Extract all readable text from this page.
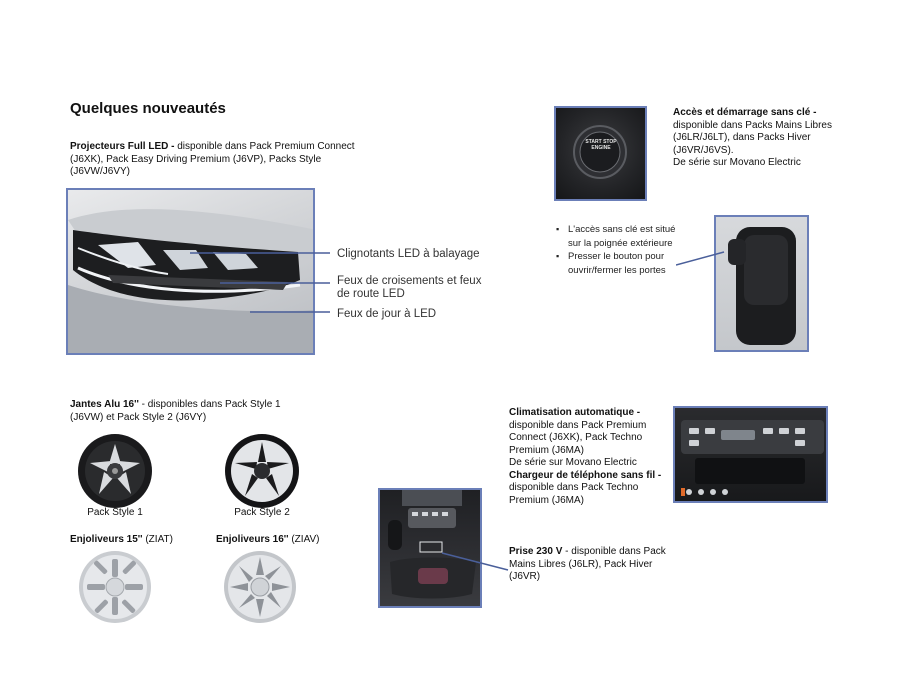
Quelques nouveautés
Projecteurs Full LED - disponible dans Pack Premium Connect (J6XK), Pack Easy Driving Premium (J6VP), Packs Style (J6VW/J6VY)
Clignotants LED à balayage
Feux de croisements et feux de route LED
Feux de jour à LED
START STOP ENGINE
Accès et démarrage sans clé - disponible dans Packs Mains Libres (J6LR/J6LT), dans Packs Hiver (J6VR/J6VS).
De série sur Movano Electric
▪ L'accès sans clé est situé sur la poignée extérieure
▪ Presser le bouton pour ouvrir/fermer les portes
Jantes Alu 16'' - disponibles dans Pack Style 1 (J6VW) et Pack Style 2 (J6VY)
Pack Style 1	Pack Style 2
Enjoliveurs 15'' (ZIAT)	Enjoliveurs 16'' (ZIAV)
Climatisation automatique - disponible dans Pack Premium Connect (J6XK), Pack Techno Premium (J6MA)
De série sur Movano Electric
Chargeur de téléphone sans fil - disponible dans Pack Techno Premium (J6MA)
Prise 230 V - disponible dans Pack Mains Libres (J6LR), Pack Hiver (J6VR)
